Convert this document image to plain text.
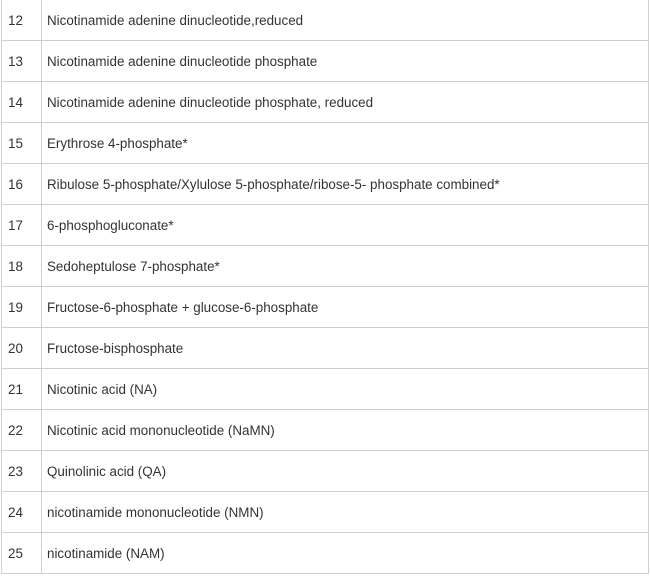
12	Nicotinamide adenine dinucleotide,reduced
13	Nicotinamide adenine dinucleotide phosphate
14	Nicotinamide adenine dinucleotide phosphate, reduced
15	Erythrose 4-phosphate*
16	Ribulose 5-phosphate/Xylulose 5-phosphate/ribose-5- phosphate combined*
17	6-phosphogluconate*
18	Sedoheptulose 7-phosphate*
19	Fructose-6-phosphate + glucose-6-phosphate
20	Fructose-bisphosphate
21	Nicotinic acid (NA)
22	Nicotinic acid mononucleotide (NaMN)
23	Quinolinic acid (QA)
24	nicotinamide mononucleotide (NMN)
25	nicotinamide (NAM)
